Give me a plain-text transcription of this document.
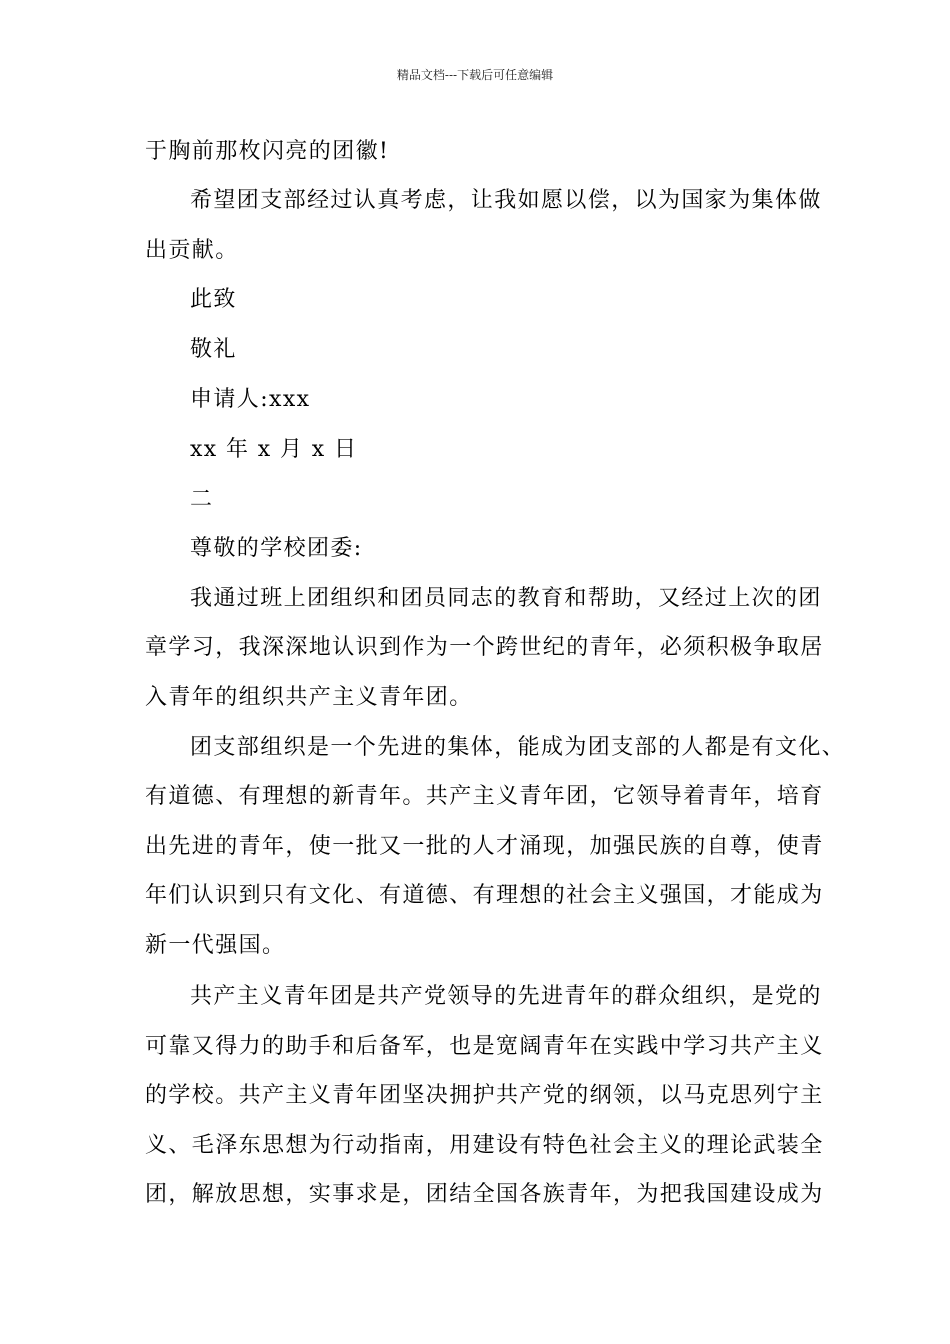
精品文档---下载后可任意编辑
于胸前那枚闪亮的团徽!
希望团支部经过认真考虑，让我如愿以偿，以为国家为集体做
出贡献。
此致
敬礼
申请人:xxx
xx 年 x 月 x 日
二
尊敬的学校团委:
我通过班上团组织和团员同志的教育和帮助，又经过上次的团
章学习，我深深地认识到作为一个跨世纪的青年，必须积极争取居
入青年的组织共产主义青年团。
团支部组织是一个先进的集体，能成为团支部的人都是有文化、
有道德、有理想的新青年。共产主义青年团，它领导着青年，培育
出先进的青年，使一批又一批的人才涌现，加强民族的自尊，使青
年们认识到只有文化、有道德、有理想的社会主义强国，才能成为
新一代强国。
共产主义青年团是共产党领导的先进青年的群众组织，是党的
可靠又得力的助手和后备军，也是宽阔青年在实践中学习共产主义
的学校。共产主义青年团坚决拥护共产党的纲领，以马克思列宁主
义、毛泽东思想为行动指南，用建设有特色社会主义的理论武装全
团，解放思想，实事求是，团结全国各族青年，为把我国建设成为
